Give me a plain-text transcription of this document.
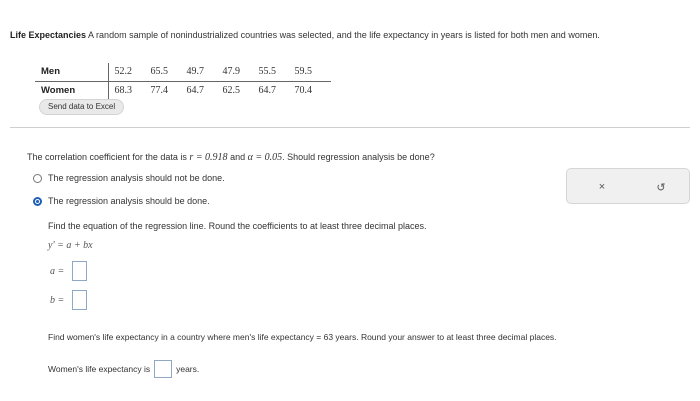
Life Expectancies A random sample of nonindustrialized countries was selected, and the life expectancy in years is listed for both men and women.
Men	52.2 65.5 49.7 47.9 55.5 59.5
Women	68.3 77.4 64.7 62.5 64.7 70.4
Send data to Excel
The correlation coefficient for the data is r = 0.918 and α = 0.05. Should regression analysis be done?
The regression analysis should not be done.
The regression analysis should be done.
Find the equation of the regression line. Round the coefficients to at least three decimal places.
y' = a + bx
a =
b =
Find women's life expectancy in a country where men's life expectancy = 63 years. Round your answer to at least three decimal places.
Women's life expectancy is	years.
×	↺
